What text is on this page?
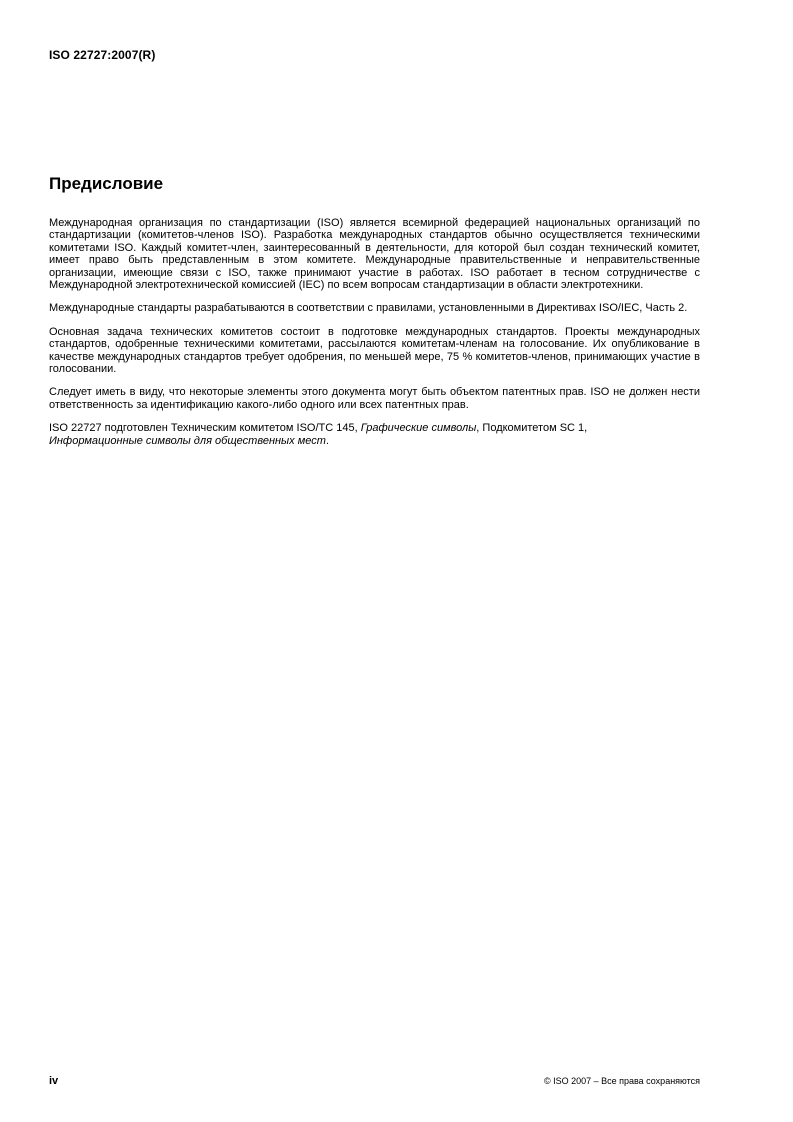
ISO 22727:2007(R)
Предисловие

Международная организация по стандартизации (ISO) является всемирной федерацией национальных организаций по стандартизации (комитетов-членов ISO). Разработка международных стандартов обычно осуществляется техническими комитетами ISO. Каждый комитет-член, заинтересованный в деятельности, для которой был создан технический комитет, имеет право быть представленным в этом комитете. Международные правительственные и неправительственные организации, имеющие связи с ISO, также принимают участие в работах. ISO работает в тесном сотрудничестве с Международной электротехнической комиссией (IEC) по всем вопросам стандартизации в области электротехники.

Международные стандарты разрабатываются в соответствии с правилами, установленными в Директивах ISO/IEC, Часть 2.

Основная задача технических комитетов состоит в подготовке международных стандартов. Проекты международных стандартов, одобренные техническими комитетами, рассылаются комитетам-членам на голосование. Их опубликование в качестве международных стандартов требует одобрения, по меньшей мере, 75 % комитетов-членов, принимающих участие в голосовании.

Следует иметь в виду, что некоторые элементы этого документа могут быть объектом патентных прав. ISO не должен нести ответственность за идентификацию какого-либо одного или всех патентных прав.

ISO 22727 подготовлен Техническим комитетом ISO/TC 145, Графические символы, Подкомитетом SC 1,
Информационные символы для общественных мест.

iv	© ISO 2007 – Все права сохраняются
